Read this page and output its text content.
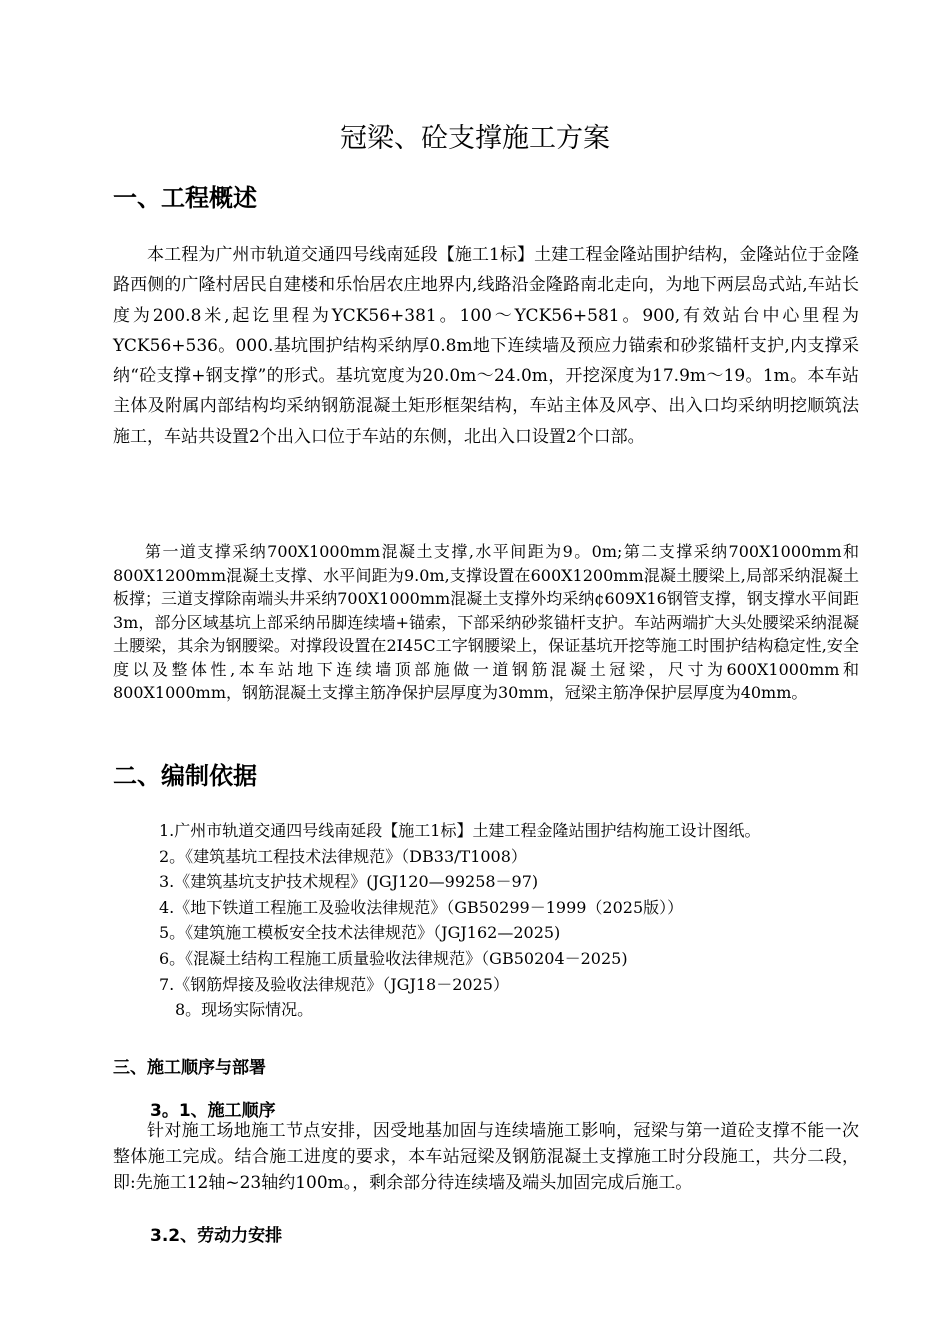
冠梁、砼支撑施工方案
一、工程概述

本工程为广州市轨道交通四号线南延段【施工1标】土建工程金隆站围护结构，金隆站位于金隆路西侧的广隆村居民自建楼和乐怡居农庄地界内,线路沿金隆路南北走向，为地下两层岛式站,车站长度为200.8米,起讫里程为YCK56+381。100～YCK56+581。900,有效站台中心里程为YCK56+536。000.基坑围护结构采纳厚0.8m地下连续墙及预应力锚索和砂浆锚杆支护,内支撑采纳“砼支撑+钢支撑”的形式。基坑宽度为20.0m～24.0m，开挖深度为17.9m～19。1m。本车站主体及附属内部结构均采纳钢筋混凝土矩形框架结构，车站主体及风亭、出入口均采纳明挖顺筑法施工，车站共设置2个出入口位于车站的东侧，北出入口设置2个口部。

第一道支撑采纳700X1000mm混凝土支撑,水平间距为9。0m;第二支撑采纳700X1000mm和800X1200mm混凝土支撑、水平间距为9.0m,支撑设置在600X1200mm混凝土腰梁上,局部采纳混凝土板撑；三道支撑除南端头井采纳700X1000mm混凝土支撑外均采纳¢609X16钢管支撑，钢支撑水平间距3m，部分区域基坑上部采纳吊脚连续墙+锚索，下部采纳砂浆锚杆支护。车站两端扩大头处腰梁采纳混凝土腰梁，其余为钢腰梁。对撑段设置在2I45C工字钢腰梁上，保证基坑开挖等施工时围护结构稳定性,安全度以及整体性,本车站地下连续墙顶部施做一道钢筋混凝土冠梁，尺寸为600X1000mm和800X1000mm，钢筋混凝土支撑主筋净保护层厚度为30mm，冠梁主筋净保护层厚度为40mm。

二、编制依据
1.广州市轨道交通四号线南延段【施工1标】土建工程金隆站围护结构施工设计图纸。
2。《建筑基坑工程技术法律规范》（DB33/T1008）
3.《建筑基坑支护技术规程》(JGJ120—99258－97)
4.《地下铁道工程施工及验收法律规范》（GB50299－1999（2025版））
5。《建筑施工模板安全技术法律规范》（JGJ162—2025)
6。《混凝土结构工程施工质量验收法律规范》（GB50204－2025)
7.《钢筋焊接及验收法律规范》（JGJ18－2025）
8。现场实际情况。
三、施工顺序与部署
3。1、施工顺序

针对施工场地施工节点安排，因受地基加固与连续墙施工影响，冠梁与第一道砼支撑不能一次整体施工完成。结合施工进度的要求，本车站冠梁及钢筋混凝土支撑施工时分段施工，共分二段，即:先施工12轴~23轴约100m。，剩余部分待连续墙及端头加固完成后施工。

3.2、劳动力安排
